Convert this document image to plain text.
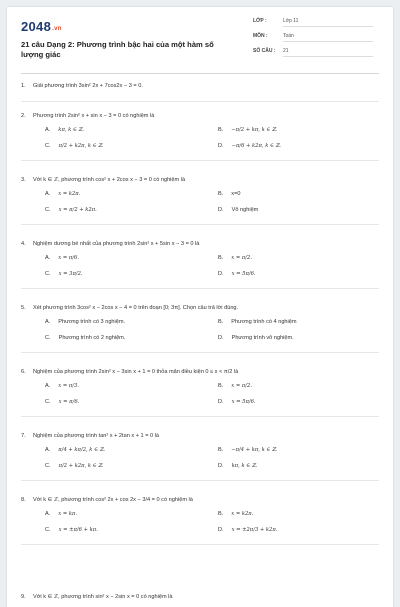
2048.vn
21 câu Dạng 2: Phương trình bậc hai của một hàm số lượng giác
LỚP :	Lớp 11
MÔN :	Toán
SỐ CÂU : 21
1. Giải phương trình 3sin² 2x + 7cos2x − 3 = 0.
2. Phương trình 2sin² x + sin x − 3 = 0 có nghiệm là
A. kπ, k ∈ ℤ.	B. −π/2 + kπ, k ∈ ℤ.
C. π/2 + k2π, k ∈ ℤ.	D. −π/6 + k2π, k ∈ ℤ.
3. Với k ∈ ℤ, phương trình cos² x + 2cos x − 3 = 0 có nghiệm là
A. x = k2π.	B. x=0
C. x = π/2 + k2π.	D. Vô nghiệm
4. Nghiệm dương bé nhất của phương trình 2sin² x + 5sin x − 3 = 0 là
A. x = π/6.	B. x = π/2.
C. x = 3π/2.	D. x = 5π/6.
5. Xét phương trình 3cos² x − 2cos x − 4 = 0 trên đoạn [0; 3π]. Chọn câu trả lời đúng.
A. Phương trình có 3 nghiệm.	B. Phương trình có 4 nghiệm
C. Phương trình có 2 nghiệm.	D. Phương trình vô nghiệm.
6. Nghiệm của phương trình 2sin² x − 3sin x + 1 = 0 thỏa mãn điều kiện 0 ≤ x < π/2 là
A. x = π/3.	B. x = π/2.
C. x = π/6.	D. x = 5π/6.
7. Nghiệm của phương trình tan² x + 2tan x + 1 = 0 là
A. π/4 + kπ/2, k ∈ ℤ.	B. −π/4 + kπ, k ∈ ℤ.
C. π/2 + k2π, k ∈ ℤ.	D. kπ, k ∈ ℤ.
8. Với k ∈ ℤ, phương trình cos² 2x + cos 2x − 3/4 = 0 có nghiệm là
A. x = kπ.	B. x = k2π.
C. x = ±π/6 + kπ.	D. x = ±2π/3 + k2π.
9. Với k ∈ ℤ, phương trình sin² x − 2sin x = 0 có nghiệm là
